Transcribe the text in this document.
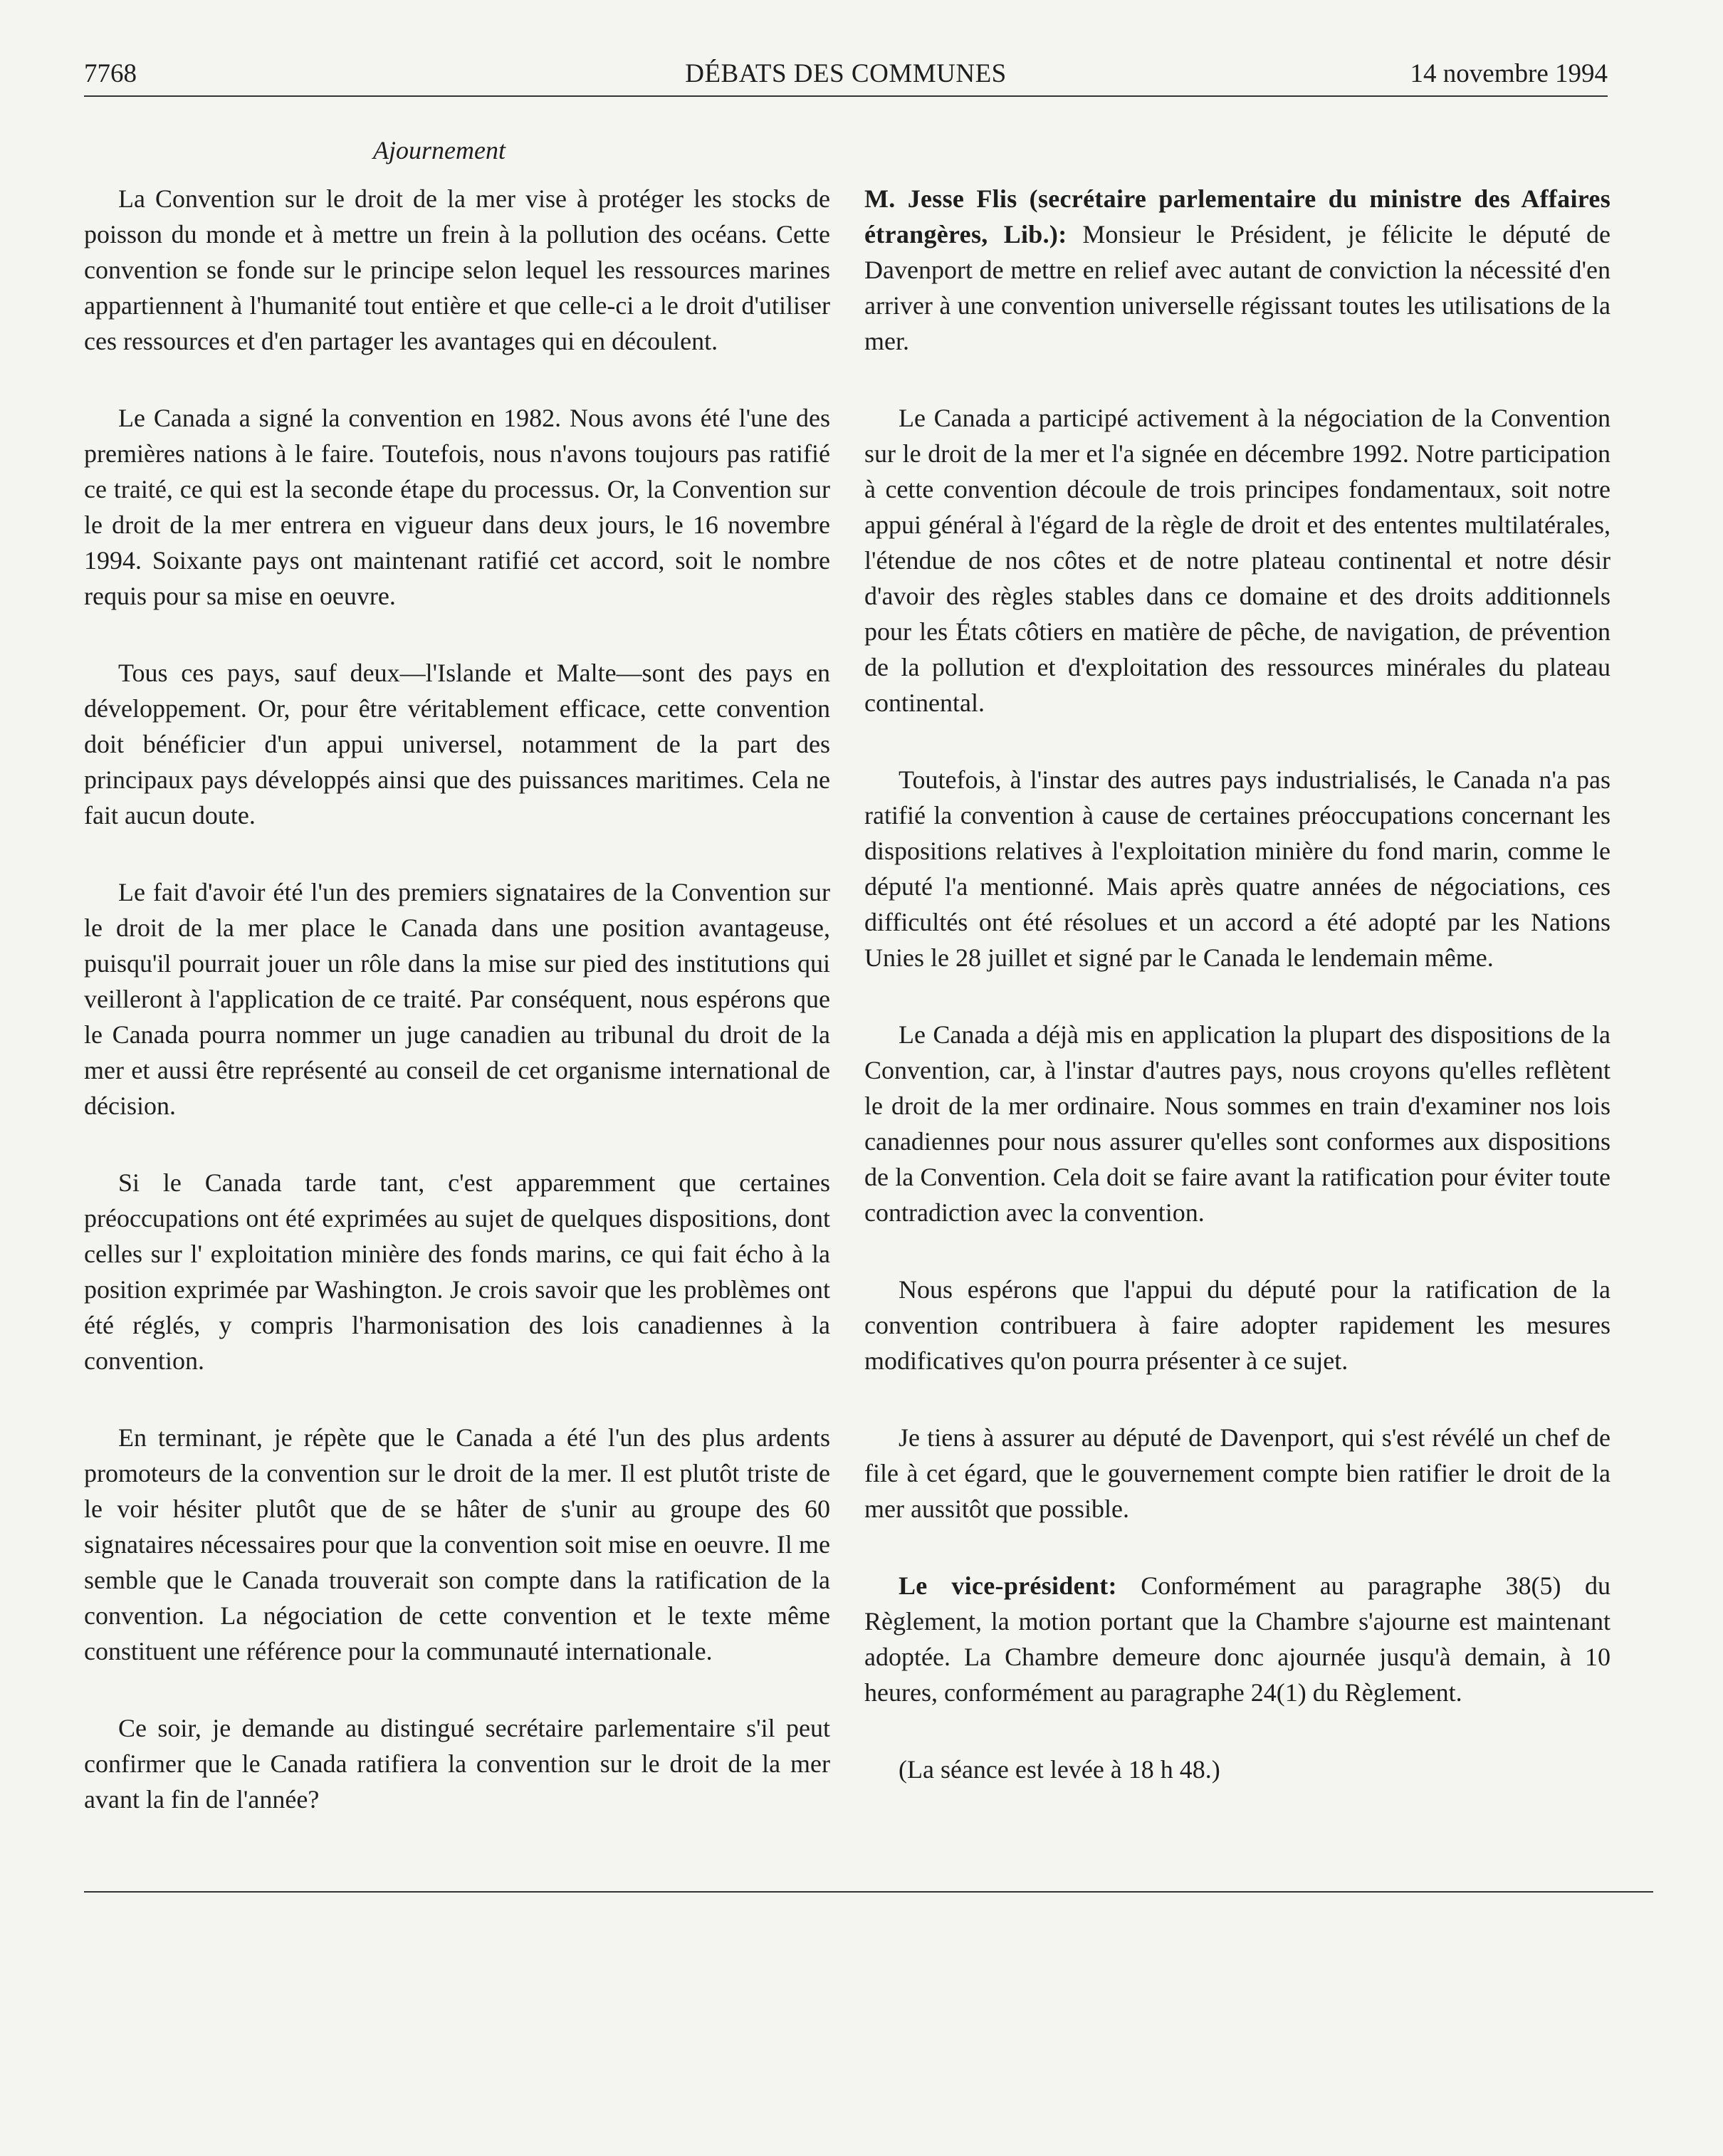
7768	DÉBATS DES COMMUNES	14 novembre 1994
Ajournement

La Convention sur le droit de la mer vise à protéger les stocks de poisson du monde et à mettre un frein à la pollution des océans. Cette convention se fonde sur le principe selon lequel les ressources marines appartiennent à l'humanité tout entière et que celle-ci a le droit d'utiliser ces ressources et d'en partager les avantages qui en découlent.

Le Canada a signé la convention en 1982. Nous avons été l'une des premières nations à le faire. Toutefois, nous n'avons toujours pas ratifié ce traité, ce qui est la seconde étape du processus. Or, la Convention sur le droit de la mer entrera en vigueur dans deux jours, le 16 novembre 1994. Soixante pays ont maintenant ratifié cet accord, soit le nombre requis pour sa mise en oeuvre.

Tous ces pays, sauf deux—l'Islande et Malte—sont des pays en développement. Or, pour être véritablement efficace, cette convention doit bénéficier d'un appui universel, notamment de la part des principaux pays développés ainsi que des puissances maritimes. Cela ne fait aucun doute.

Le fait d'avoir été l'un des premiers signataires de la Convention sur le droit de la mer place le Canada dans une position avantageuse, puisqu'il pourrait jouer un rôle dans la mise sur pied des institutions qui veilleront à l'application de ce traité. Par conséquent, nous espérons que le Canada pourra nommer un juge canadien au tribunal du droit de la mer et aussi être représenté au conseil de cet organisme international de décision.

Si le Canada tarde tant, c'est apparemment que certaines préoccupations ont été exprimées au sujet de quelques dispositions, dont celles sur l' exploitation minière des fonds marins, ce qui fait écho à la position exprimée par Washington. Je crois savoir que les problèmes ont été réglés, y compris l'harmonisation des lois canadiennes à la convention.

En terminant, je répète que le Canada a été l'un des plus ardents promoteurs de la convention sur le droit de la mer. Il est plutôt triste de le voir hésiter plutôt que de se hâter de s'unir au groupe des 60 signataires nécessaires pour que la convention soit mise en oeuvre. Il me semble que le Canada trouverait son compte dans la ratification de la convention. La négociation de cette convention et le texte même constituent une référence pour la communauté internationale.

Ce soir, je demande au distingué secrétaire parlementaire s'il peut confirmer que le Canada ratifiera la convention sur le droit de la mer avant la fin de l'année?

M. Jesse Flis (secrétaire parlementaire du ministre des Affaires étrangères, Lib.): Monsieur le Président, je félicite le député de Davenport de mettre en relief avec autant de conviction la nécessité d'en arriver à une convention universelle régissant toutes les utilisations de la mer.

Le Canada a participé activement à la négociation de la Convention sur le droit de la mer et l'a signée en décembre 1992. Notre participation à cette convention découle de trois principes fondamentaux, soit notre appui général à l'égard de la règle de droit et des ententes multilatérales, l'étendue de nos côtes et de notre plateau continental et notre désir d'avoir des règles stables dans ce domaine et des droits additionnels pour les États côtiers en matière de pêche, de navigation, de prévention de la pollution et d'exploitation des ressources minérales du plateau continental.

Toutefois, à l'instar des autres pays industrialisés, le Canada n'a pas ratifié la convention à cause de certaines préoccupations concernant les dispositions relatives à l'exploitation minière du fond marin, comme le député l'a mentionné. Mais après quatre années de négociations, ces difficultés ont été résolues et un accord a été adopté par les Nations Unies le 28 juillet et signé par le Canada le lendemain même.

Le Canada a déjà mis en application la plupart des dispositions de la Convention, car, à l'instar d'autres pays, nous croyons qu'elles reflètent le droit de la mer ordinaire. Nous sommes en train d'examiner nos lois canadiennes pour nous assurer qu'elles sont conformes aux dispositions de la Convention. Cela doit se faire avant la ratification pour éviter toute contradiction avec la convention.

Nous espérons que l'appui du député pour la ratification de la convention contribuera à faire adopter rapidement les mesures modificatives qu'on pourra présenter à ce sujet.

Je tiens à assurer au député de Davenport, qui s'est révélé un chef de file à cet égard, que le gouvernement compte bien ratifier le droit de la mer aussitôt que possible.

Le vice-président: Conformément au paragraphe 38(5) du Règlement, la motion portant que la Chambre s'ajourne est maintenant adoptée. La Chambre demeure donc ajournée jusqu'à demain, à 10 heures, conformément au paragraphe 24(1) du Règlement.

(La séance est levée à 18 h 48.)
